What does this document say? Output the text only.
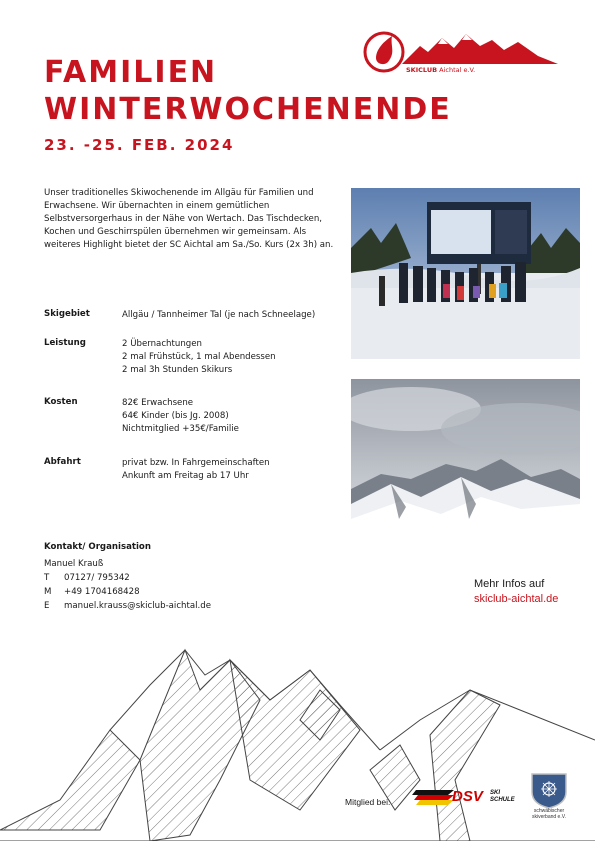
SKICLUB Aichtal e.V.
FAMILIEN
WINTERWOCHENENDE
23. -25. FEB. 2024
Unser traditionelles Skiwochenende im Allgäu für Familien und Erwachsene. Wir übernachten in einem gemütlichen Selbstversorgerhaus in der Nähe von Wertach. Das Tischdecken, Kochen und Geschirrspülen übernehmen wir gemeinsam. Als weiteres Highlight bietet der SC Aichtal am Sa./So. Kurs (2x 3h) an.
Skigebiet	Allgäu / Tannheimer Tal (je nach Schneelage)
Leistung	2 Übernachtungen
2 mal Frühstück, 1 mal Abendessen
2 mal 3h Stunden Skikurs
Kosten	82€ Erwachsene
64€ Kinder (bis Jg. 2008)
Nichtmitglied +35€/Familie
Abfahrt	privat bzw. In Fahrgemeinschaften
Ankunft am Freitag ab 17 Uhr
Kontakt/ Organisation
Manuel Krauß
T 07127/ 795342
M +49 1704168428
E manuel.krauss@skiclub-aichtal.de
Mehr Infos auf
skiclub-aichtal.de
Mitglied bei:	DSV SKI SCHULE
schwäbischer skiverband e.V.
